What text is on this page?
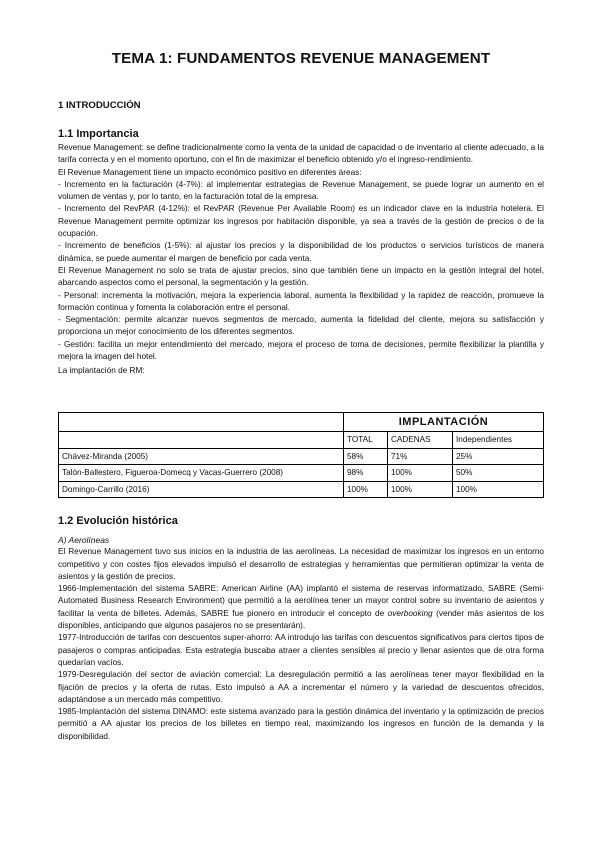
TEMA 1: FUNDAMENTOS REVENUE MANAGEMENT
1 INTRODUCCIÓN

1.1 Importancia

Revenue Management: se define tradicionalmente como la venta de la unidad de capacidad o de inventario al cliente adecuado, a la tarifa correcta y en el momento oportuno, con el fin de maximizar el beneficio obtenido y/o el ingreso-rendimiento.

El Revenue Management tiene un impacto económico positivo en diferentes áreas:

- Incremento en la facturación (4-7%): al implementar estrategias de Revenue Management, se puede lograr un aumento en el volumen de ventas y, por lo tanto, en la facturación total de la empresa.

- Incremento del RevPAR (4-12%): el RevPAR (Revenue Per Available Room) es un indicador clave en la industria hotelera. El Revenue Management permite optimizar los ingresos por habitación disponible, ya sea a través de la gestión de precios o de la ocupación.

- Incremento de beneficios (1-5%): al ajustar los precios y la disponibilidad de los productos o servicios turísticos de manera dinámica, se puede aumentar el margen de beneficio por cada venta.

El Revenue Management no solo se trata de ajustar precios, sino que también tiene un impacto en la gestión integral del hotel, abarcando aspectos como el personal, la segmentación y la gestión.

- Personal: incrementa la motivación, mejora la experiencia laboral, aumenta la flexibilidad y la rapidez de reacción, promueve la formación continua y fomenta la colaboración entre el personal.

- Segmentación: permite alcanzar nuevos segmentos de mercado, aumenta la fidelidad del cliente, mejora su satisfacción y proporciona un mejor conocimiento de los diferentes segmentos.

- Gestión: facilita un mejor entendimiento del mercado, mejora el proceso de toma de decisiones, permite flexibilizar la plantilla y mejora la imagen del hotel.

La implantación de RM:

	IMPLANTACIÓN		
	TOTAL	CADENAS	Independientes
Chávez-Miranda (2005)	58%	71%	25%
Talón-Ballestero, Figueroa-Domecq y Vacas-Guerrero (2008)	98%	100%	50%
Domingo-Carrillo (2016)	100%	100%	100%

1.2 Evolución histórica

A) Aerolíneas

El Revenue Management tuvo sus inicios en la industria de las aerolíneas. La necesidad de maximizar los ingresos en un entorno competitivo y con costes fijos elevados impulsó el desarrollo de estrategias y herramientas que permitieran optimizar la venta de asientos y la gestión de precios.

1966-Implementación del sistema SABRE: American Airline (AA) implantó el sistema de reservas informatizado, SABRE (Semi-Automated Business Research Environment) que permitió a la aerolínea tener un mayor control sobre su inventario de asientos y facilitar la venta de billetes. Además, SABRE fue pionero en introducir el concepto de overbooking (vender más asientos de los disponibles, anticipando que algunos pasajeros no se presentarán).

1977-Introducción de tarifas con descuentos super-ahorro: AA introdujo las tarifas con descuentos significativos para ciertos tipos de pasajeros o compras anticipadas. Esta estrategia buscaba atraer a clientes sensibles al precio y llenar asientos que de otra forma quedarían vacíos.

1979-Desregulación del sector de aviación comercial: La desregulación permitió a las aerolíneas tener mayor flexibilidad en la fijación de precios y la oferta de rutas. Esto impulsó a AA a incrementar el número y la variedad de descuentos ofrecidos, adaptándose a un mercado más competitivo.

1985-Implantación del sistema DINAMO: este sistema avanzado para la gestión dinámica del inventario y la optimización de precios permitió a AA ajustar los precios de los billetes en tiempo real, maximizando los ingresos en función de la demanda y la disponibilidad.
